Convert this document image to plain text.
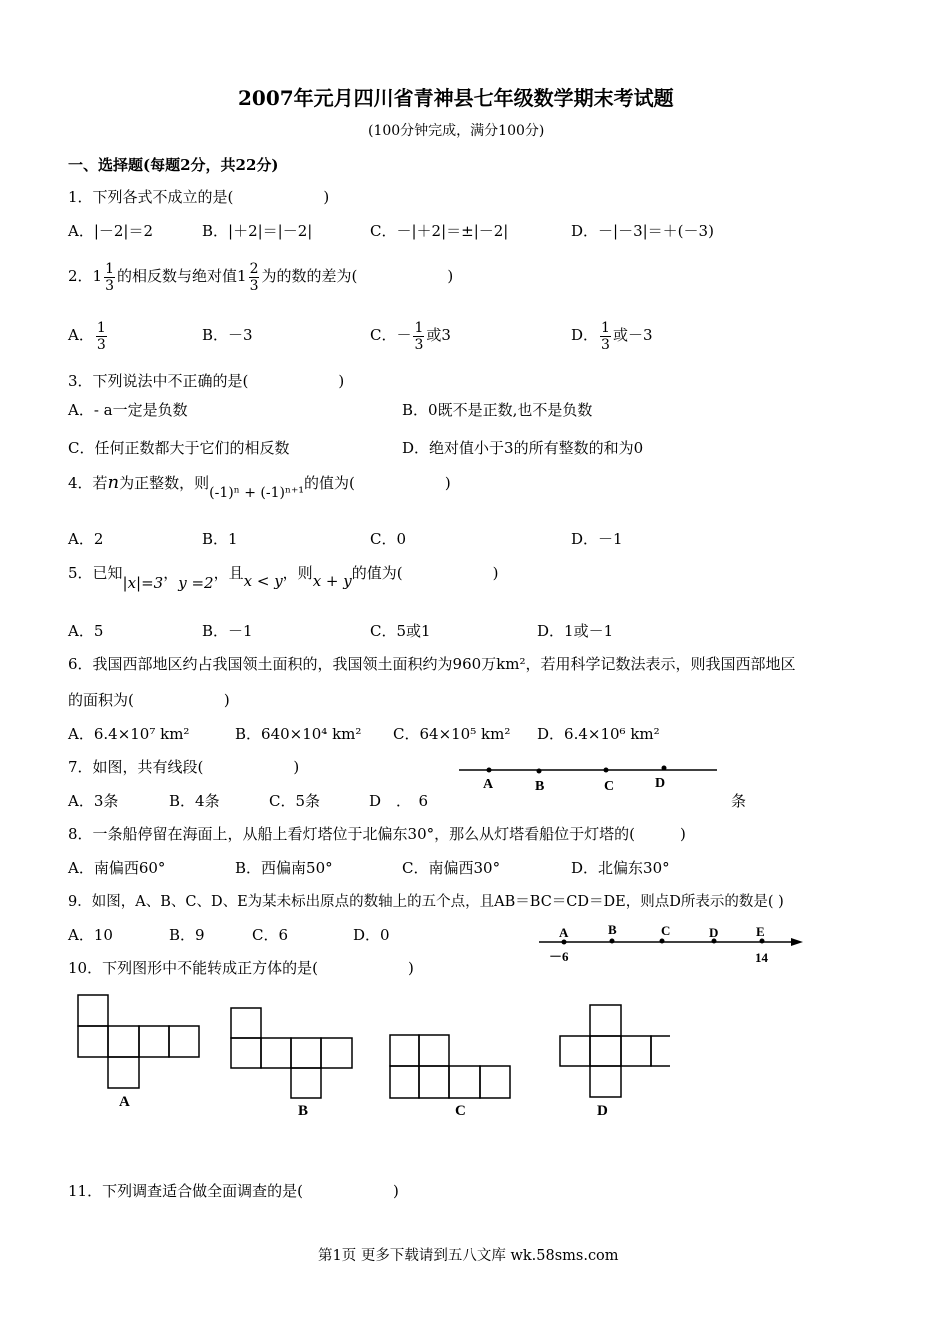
2007年元月四川省青神县七年级数学期末考试题
(100分钟完成，满分100分)
一、选择题(每题2分，共22分)
1．下列各式不成立的是(　　　　　　)
A．|－2|＝2	B．|＋2|＝|－2|	C．－|＋2|＝±|－2|	D．－|－3|＝＋(－3)
2．$1 \frac{1}{3}$ 的相反数与绝对值$1 \frac{2}{3}$ 为的数的差为(　　　　　　)
A． $\frac{1}{3}$	B．－3	C．－ $\frac{1}{3}$ 或3	D． $\frac{1}{3}$ 或－3
3．下列说法中不正确的是(　　　　　　)
A．- a一定是负数	B．0既不是正数,也不是负数
C．任何正数都大于它们的相反数	D．绝对值小于3的所有整数的和为0
4．若n为正整数，则(-1)ⁿ + (-1)ⁿ⁺¹的值为(　　　　　　)
A．2	B．1	C．0	D．－1
5．已知|x|=3，y =2，且x < y，则x + y的值为(　　　　　　)
A．5	B．－1	C．5或1	D．1或－1
6．我国西部地区约占我国领土面积的，我国领土面积约为960万km²，若用科学记数法表示，则我国西部地区
的面积为(　　　　　　)
A．6.4×10⁷ km²	B．640×10⁴ km² C．64×10⁵ km² D．6.4×10⁶ km²
7．如图，共有线段(　　　　　　)
A	B	C	D
A．3条	B．4条	C．5条	D　．　6	条
8．一条船停留在海面上，从船上看灯塔位于北偏东30°，那么从灯塔看船位于灯塔的(　　　)
A．南偏西60°	B．西偏南50°	C．南偏西30°	D．北偏东30°
9．如图，A、B、C、D、E为某未标出原点的数轴上的五个点，且AB＝BC＝CD＝DE，则点D所表示的数是( )
A．10	B．9	C．6	D．0	A	B	C	D	E
－6	14
10．下列图形中不能转成正方体的是(　　　　　　)
A
B	C	D
11．下列调查适合做全面调查的是(　　　　　　)
第1页 更多下载请到五八文库 wk.58sms.com
